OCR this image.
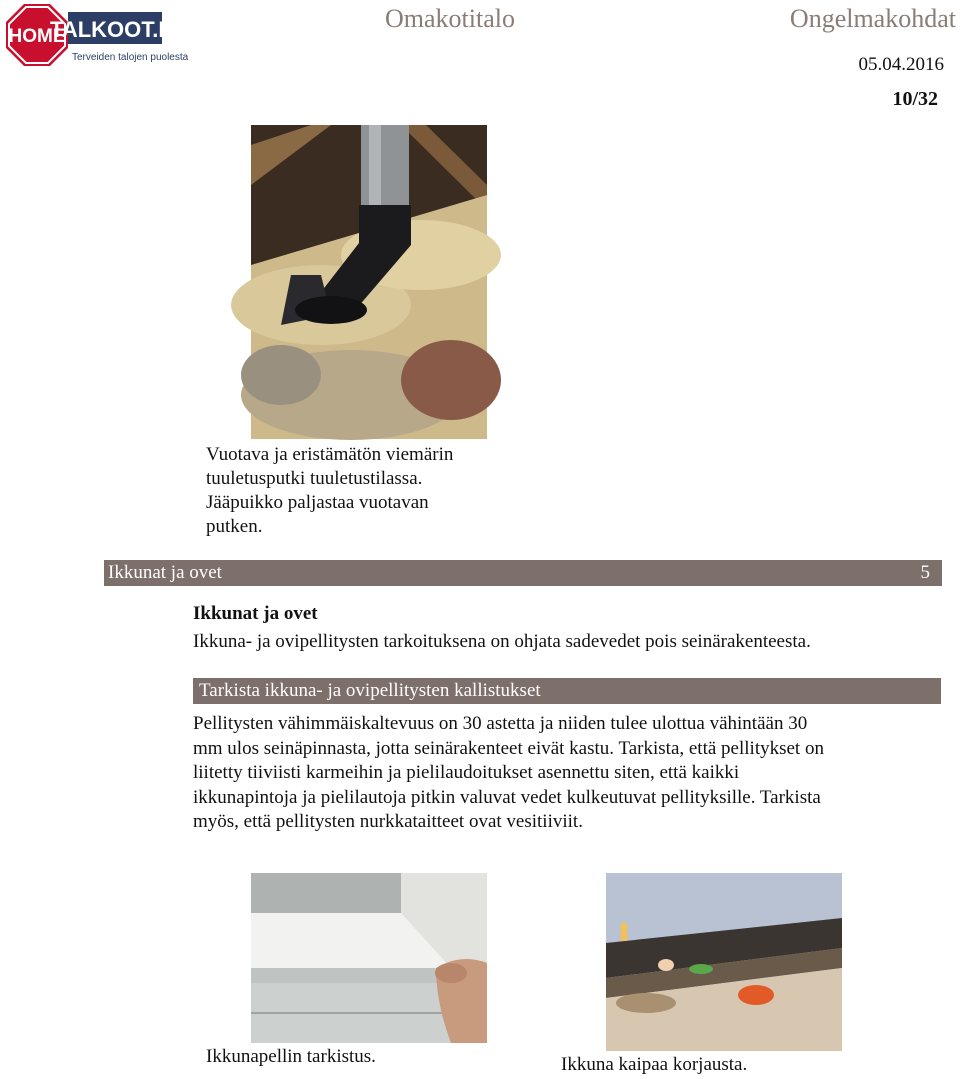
HOME
TALKOOT.FI
Terveiden talojen puolesta
Omakotitalo	Ongelmakohdat
05.04.2016
10/32
Vuotava ja eristämätön viemärin
tuuletusputki tuuletustilassa.
Jääpuikko paljastaa vuotavan
putken.
Ikkunat ja ovet	5
Ikkunat ja ovet
Ikkuna- ja ovipellitysten tarkoituksena on ohjata sadevedet pois seinärakenteesta.
Tarkista ikkuna- ja ovipellitysten kallistukset
Pellitysten vähimmäiskaltevuus on 30 astetta ja niiden tulee ulottua vähintään 30
mm ulos seinäpinnasta, jotta seinärakenteet eivät kastu. Tarkista, että pellitykset on
liitetty tiiviisti karmeihin ja pielilaudoitukset asennettu siten, että kaikki
ikkunapintoja ja pielilautoja pitkin valuvat vedet kulkeutuvat pellityksille. Tarkista
myös, että pellitysten nurkkataitteet ovat vesitiiviit.
Ikkunapellin tarkistus.	Ikkuna kaipaa korjausta.
